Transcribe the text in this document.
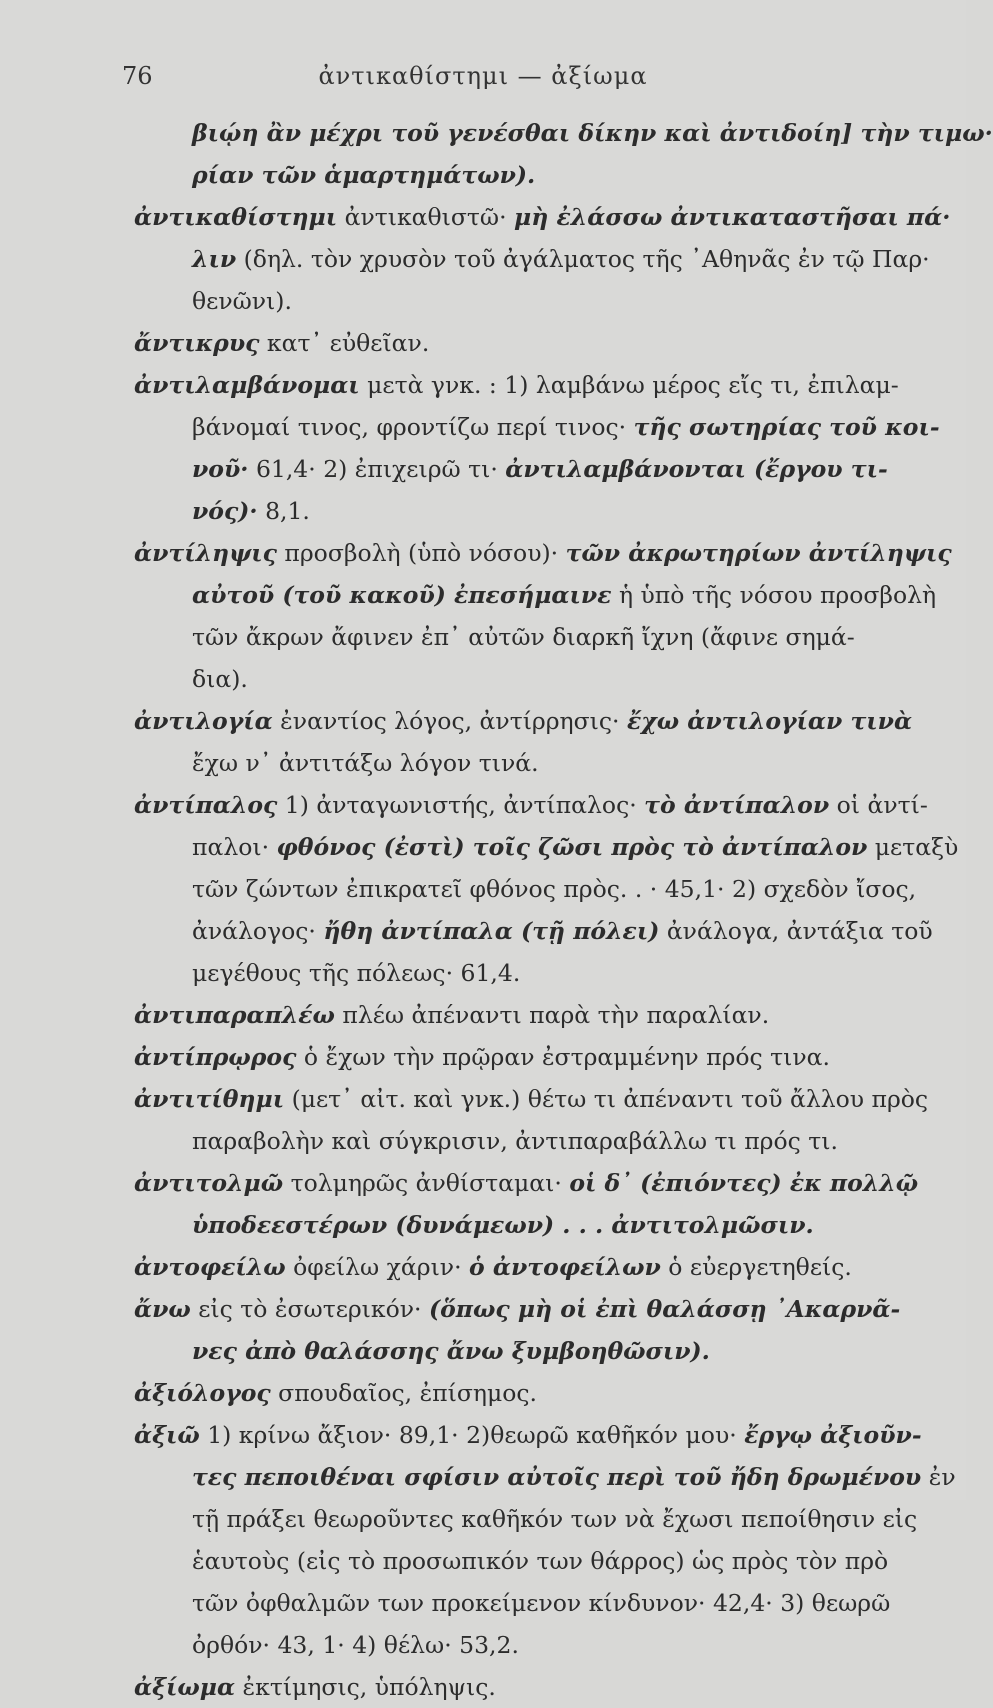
76	ἀντικαθίστημι — ἀξίωμα
βιῴη ἂν μέχρι τοῦ γενέσθαι δίκην καὶ ἀντιδοίη] τὴν τιμω·
ρίαν τῶν ἁμαρτημάτων).
ἀντικαθίστημι ἀντικαθιστῶ· μὴ ἐλάσσω ἀντικαταστῆσαι πά·
λιν (δηλ. τὸν χρυσὸν τοῦ ἀγάλματος τῆς ᾿Αθηνᾶς ἐν τῷ Παρ·
θενῶνι).
ἄντικρυς κατ᾿ εὐθεῖαν.
ἀντιλαμβάνομαι μετὰ γνκ. : 1) λαμβάνω μέρος εἴς τι, ἐπιλαμ-
βάνομαί τινος, φροντίζω περί τινος· τῆς σωτηρίας τοῦ κοι-
νοῦ· 61,4· 2) ἐπιχειρῶ τι· ἀντιλαμβάνονται (ἔργου τι-
νός)· 8,1.
ἀντίληψις προσβολὴ (ὑπὸ νόσου)· τῶν ἀκρωτηρίων ἀντίληψις
αὐτοῦ (τοῦ κακοῦ) ἐπεσήμαινε ἡ ὑπὸ τῆς νόσου προσβολὴ
τῶν ἄκρων ἄφινεν ἐπ᾿ αὐτῶν διαρκῆ ἴχνη (ἄφινε σημά-
δια).
ἀντιλογία ἐναντίος λόγος, ἀντίρρησις· ἔχω ἀντιλογίαν τινὰ
ἔχω ν᾿ ἀντιτάξω λόγον τινά.
ἀντίπαλος 1) ἀνταγωνιστής, ἀντίπαλος· τὸ ἀντίπαλον οἱ ἀντί-
παλοι· φθόνος (ἐστὶ) τοῖς ζῶσι πρὸς τὸ ἀντίπαλον μεταξὺ
τῶν ζώντων ἐπικρατεῖ φθόνος πρὸς. . · 45,1· 2) σχεδὸν ἴσος,
ἀνάλογος· ἤθη ἀντίπαλα (τῇ πόλει) ἀνάλογα, ἀντάξια τοῦ
μεγέθους τῆς πόλεως· 61,4.
ἀντιπαραπλέω πλέω ἀπέναντι παρὰ τὴν παραλίαν.
ἀντίπρῳρος ὁ ἔχων τὴν πρῷραν ἐστραμμένην πρός τινα.
ἀντιτίθημι (μετ᾿ αἰτ. καὶ γνκ.) θέτω τι ἀπέναντι τοῦ ἄλλου πρὸς
παραβολὴν καὶ σύγκρισιν, ἀντιπαραβάλλω τι πρός τι.
ἀντιτολμῶ τολμηρῶς ἀνθίσταμαι· οἱ δ᾿ (ἐπιόντες) ἐκ πολλῷ
ὑποδεεστέρων (δυνάμεων) . . . ἀντιτολμῶσιν.
ἀντοφείλω ὀφείλω χάριν· ὁ ἀντοφείλων ὁ εὐεργετηθείς.
ἄνω εἰς τὸ ἐσωτερικόν· (ὅπως μὴ οἱ ἐπὶ θαλάσσῃ ᾿Ακαρνᾶ-
νες ἀπὸ θαλάσσης ἄνω ξυμβοηθῶσιν).
ἀξιόλογος σπουδαῖος, ἐπίσημος.
ἀξιῶ 1) κρίνω ἄξιον· 89,1· 2)θεωρῶ καθῆκόν μου· ἔργῳ ἀξιοῦν-
τες πεποιθέναι σφίσιν αὐτοῖς περὶ τοῦ ἤδη δρωμένου ἐν
τῇ πράξει θεωροῦντες καθῆκόν των νὰ ἔχωσι πεποίθησιν εἰς
ἑαυτοὺς (εἰς τὸ προσωπικόν των θάρρος) ὡς πρὸς τὸν πρὸ
τῶν ὀφθαλμῶν των προκείμενον κίνδυνον· 42,4· 3) θεωρῶ
ὀρθόν· 43, 1· 4) θέλω· 53,2.
ἀξίωμα ἐκτίμησις, ὑπόληψις.
